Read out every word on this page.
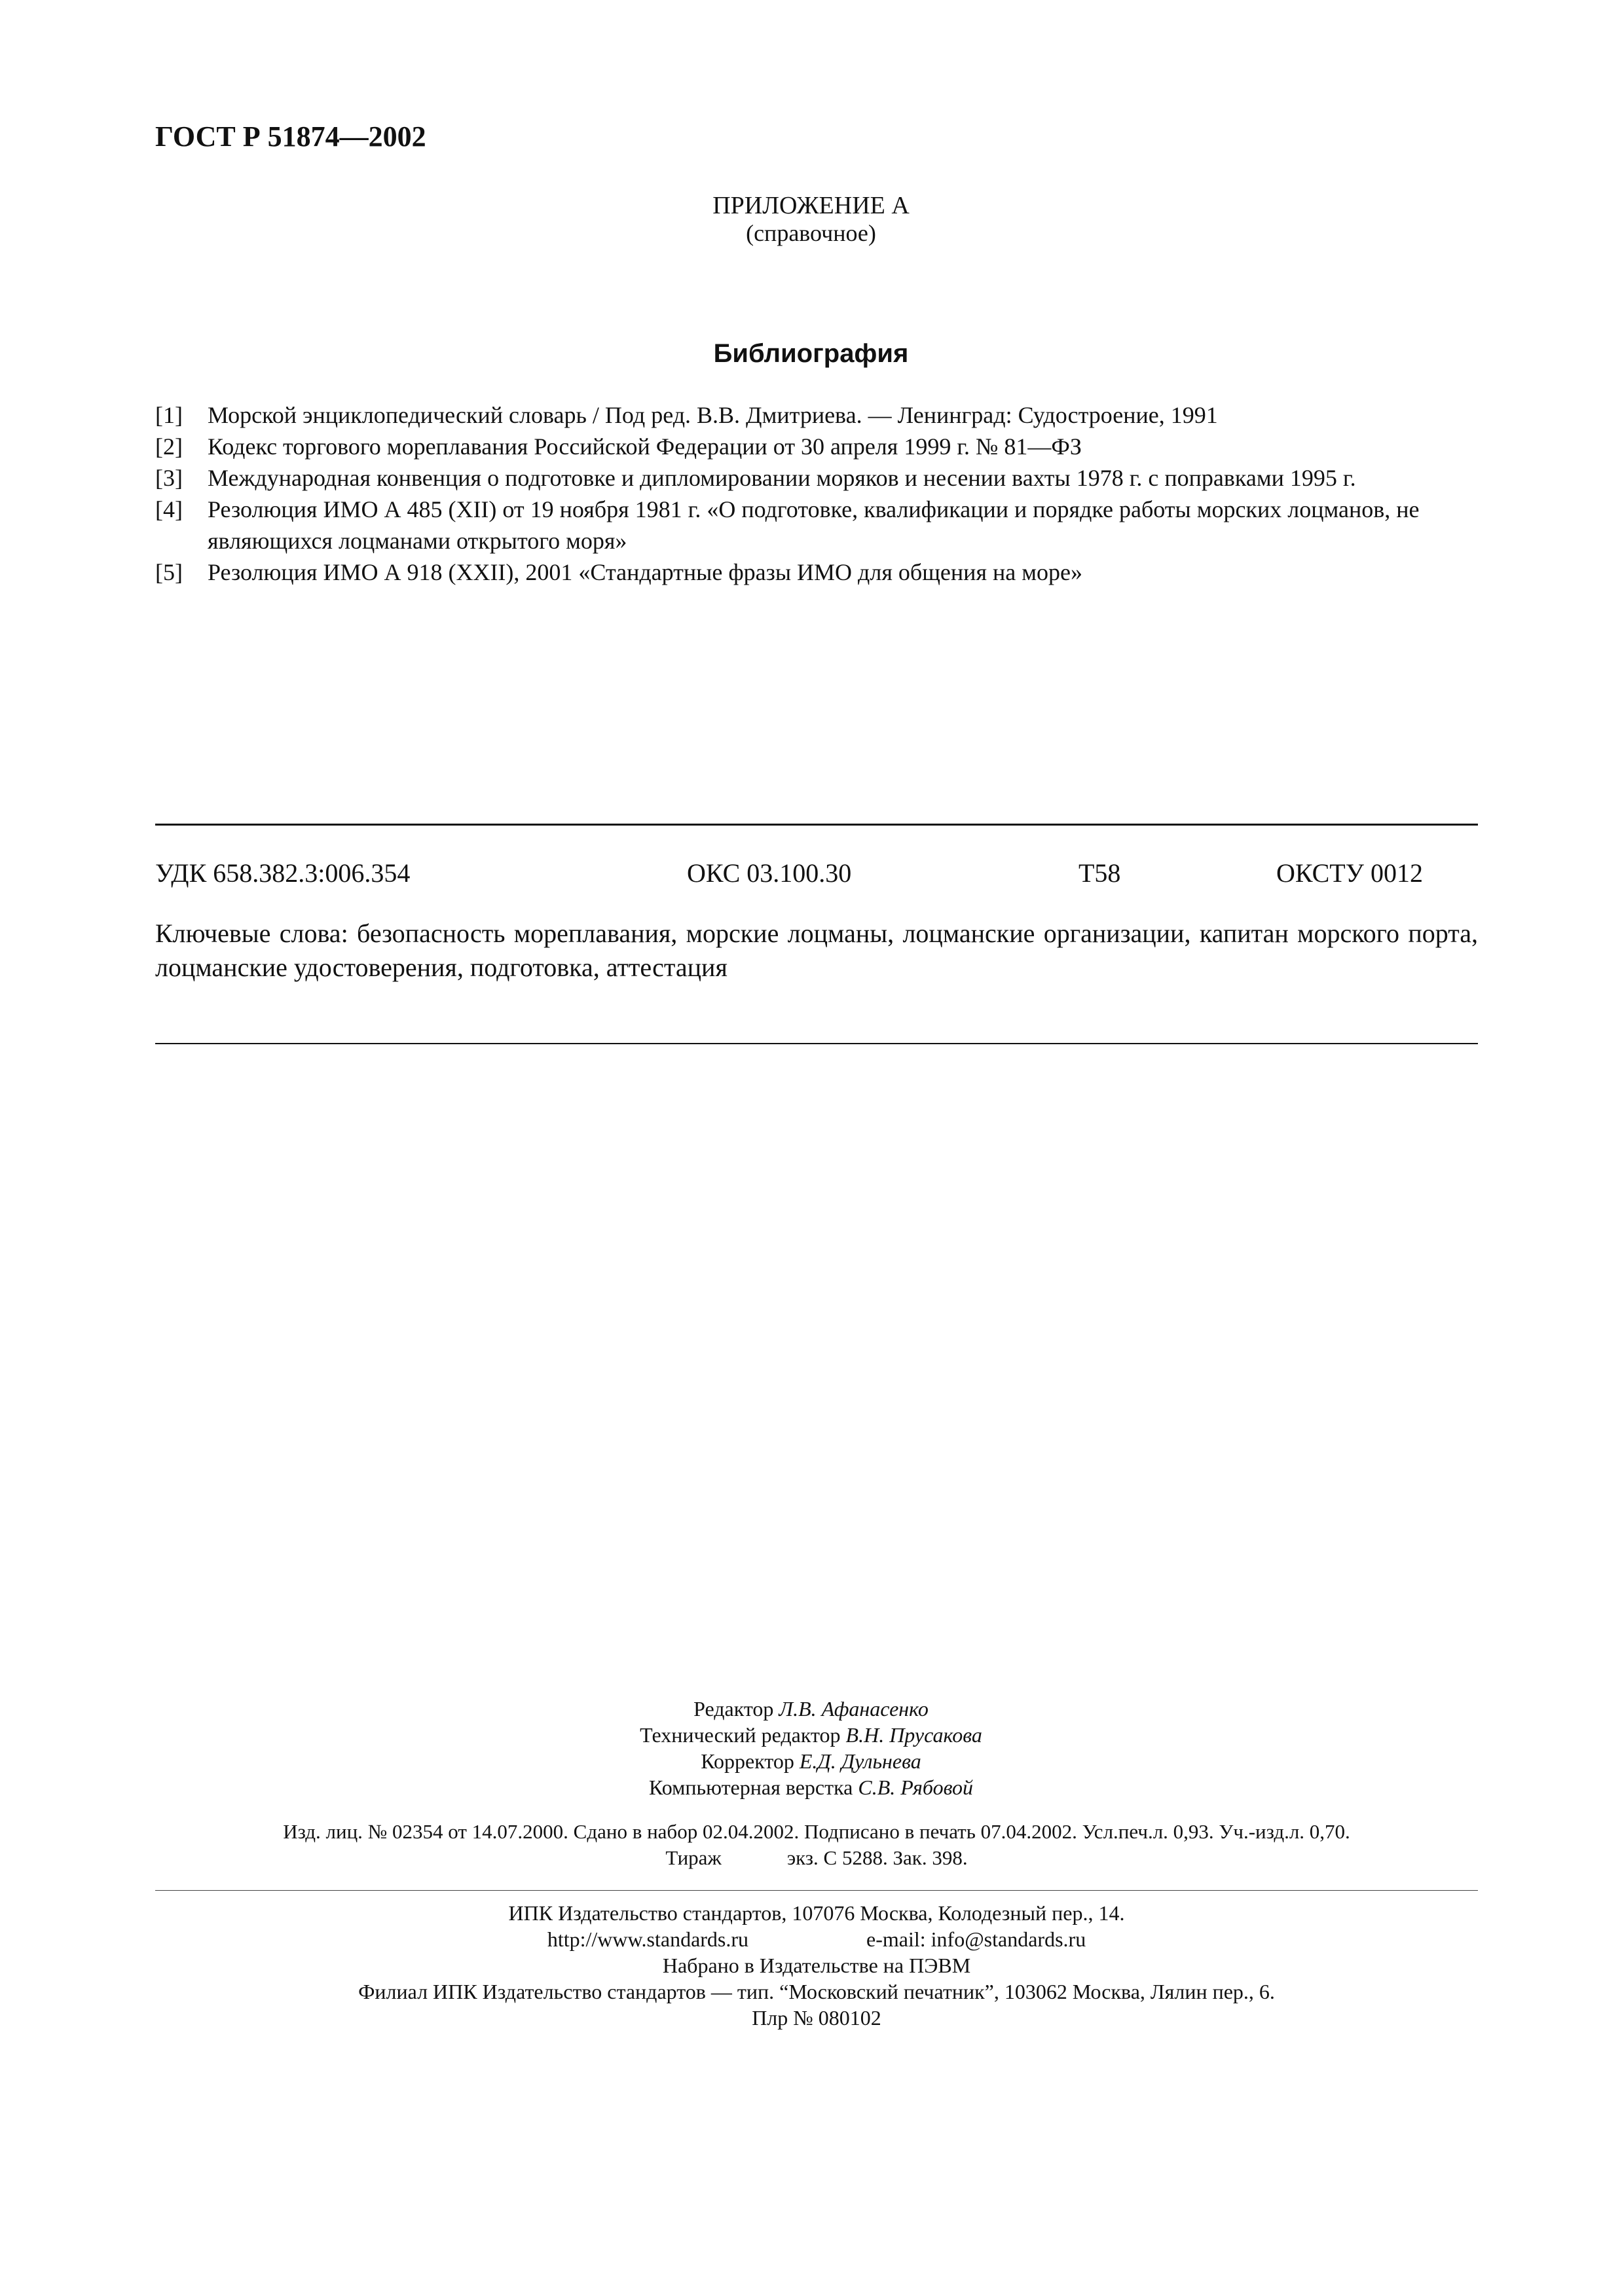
ГОСТ Р 51874—2002
ПРИЛОЖЕНИЕ А
(справочное)
Библиография
[1] Морской энциклопедический словарь / Под ред. В.В. Дмитриева. — Ленинград: Судостроение, 1991
[2] Кодекс торгового мореплавания Российской Федерации от 30 апреля 1999 г. № 81—ФЗ
[3] Международная конвенция о подготовке и дипломировании моряков и несении вахты 1978 г. с поправками 1995 г.
[4] Резолюция ИМО А 485 (XII) от 19 ноября 1981 г. «О подготовке, квалификации и порядке работы морских лоцманов, не являющихся лоцманами открытого моря»
[5] Резолюция ИМО А 918 (XXII), 2001 «Стандартные фразы ИМО для общения на море»
УДК 658.382.3:006.354	ОКС 03.100.30	Т58	ОКСТУ 0012
Ключевые слова: безопасность мореплавания, морские лоцманы, лоцманские организации, капитан морского порта, лоцманские удостоверения, подготовка, аттестация
Редактор Л.В. Афанасенко
Технический редактор В.Н. Прусакова
Корректор Е.Д. Дульнева
Компьютерная верстка С.В. Рябовой
Изд. лиц. № 02354 от 14.07.2000. Сдано в набор 02.04.2002. Подписано в печать 07.04.2002. Усл.печ.л. 0,93. Уч.-изд.л. 0,70.
Тираж	экз. С 5288. Зак. 398.
ИПК Издательство стандартов, 107076 Москва, Колодезный пер., 14.
http://www.standards.ru	e-mail: info@standards.ru
Набрано в Издательстве на ПЭВМ
Филиал ИПК Издательство стандартов — тип. “Московский печатник”, 103062 Москва, Лялин пер., 6.
Плр № 080102
